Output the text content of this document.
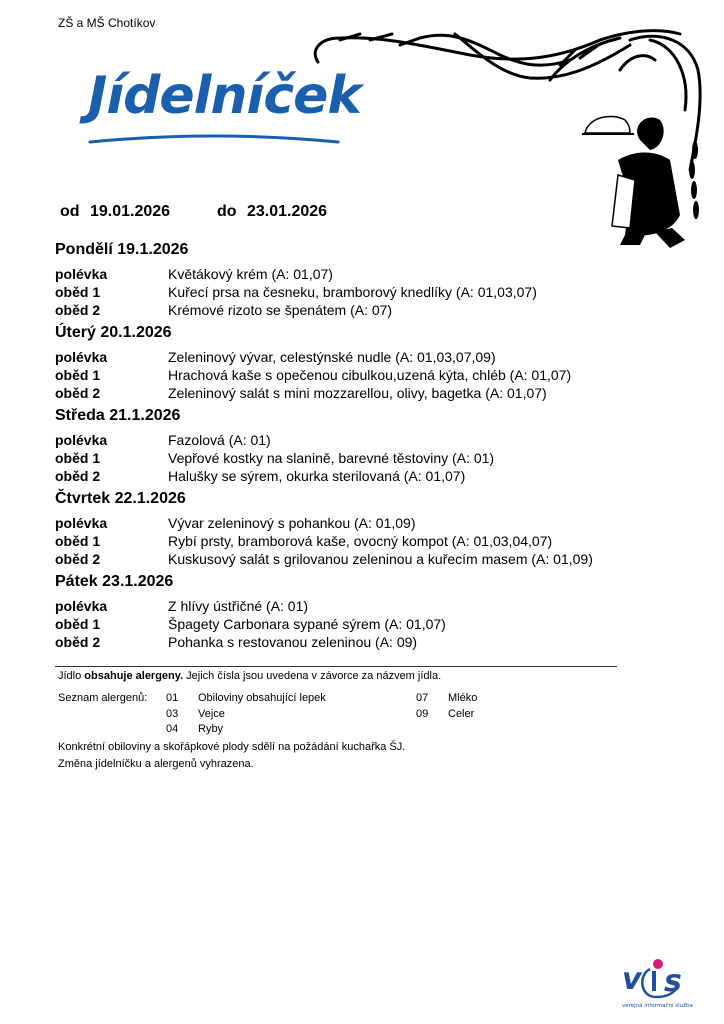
ZŠ a MŠ Chotíkov
Jídelníček
od 19.01.2026	do 23.01.2026
Pondělí 19.1.2026
polévka	Květákový krém (A: 01,07)
oběd 1	Kuřecí prsa na česneku, bramborový knedlíky (A: 01,03,07)
oběd 2	Krémové rizoto se špenátem (A: 07)
Úterý 20.1.2026
polévka	Zeleninový vývar, celestýnské nudle (A: 01,03,07,09)
oběd 1	Hrachová kaše s opečenou cibulkou,uzená kýta, chléb (A: 01,07)
oběd 2	Zeleninový salát s mini mozzarellou, olivy, bagetka (A: 01,07)
Středa 21.1.2026
polévka	Fazolová (A: 01)
oběd 1	Vepřové kostky na slanině, barevné těstoviny (A: 01)
oběd 2	Halušky se sýrem, okurka sterilovaná (A: 01,07)
Čtvrtek 22.1.2026
polévka	Vývar zeleninový s pohankou (A: 01,09)
oběd 1	Rybí prsty, bramborová kaše, ovocný kompot (A: 01,03,04,07)
oběd 2	Kuskusový salát s grilovanou zeleninou a kuřecím masem (A: 01,09)
Pátek 23.1.2026
polévka	Z hlívy ústřičné (A: 01)
oběd 1	Špagety Carbonara sypané sýrem (A: 01,07)
oběd 2	Pohanka s restovanou zeleninou (A: 09)
Jídlo obsahuje alergeny. Jejich čísla jsou uvedena v závorce za názvem jídla.
Seznam alergenů: 01 Obiloviny obsahující lepek
03 Vejce
04 Ryby
07 Mléko
09 Celer
Konkrétní obiloviny a skořápkové plody sdělí na požádání kuchařka ŠJ.
Změna jídelníčku a alergenů vyhrazena.
v s
veřejná informační služba
